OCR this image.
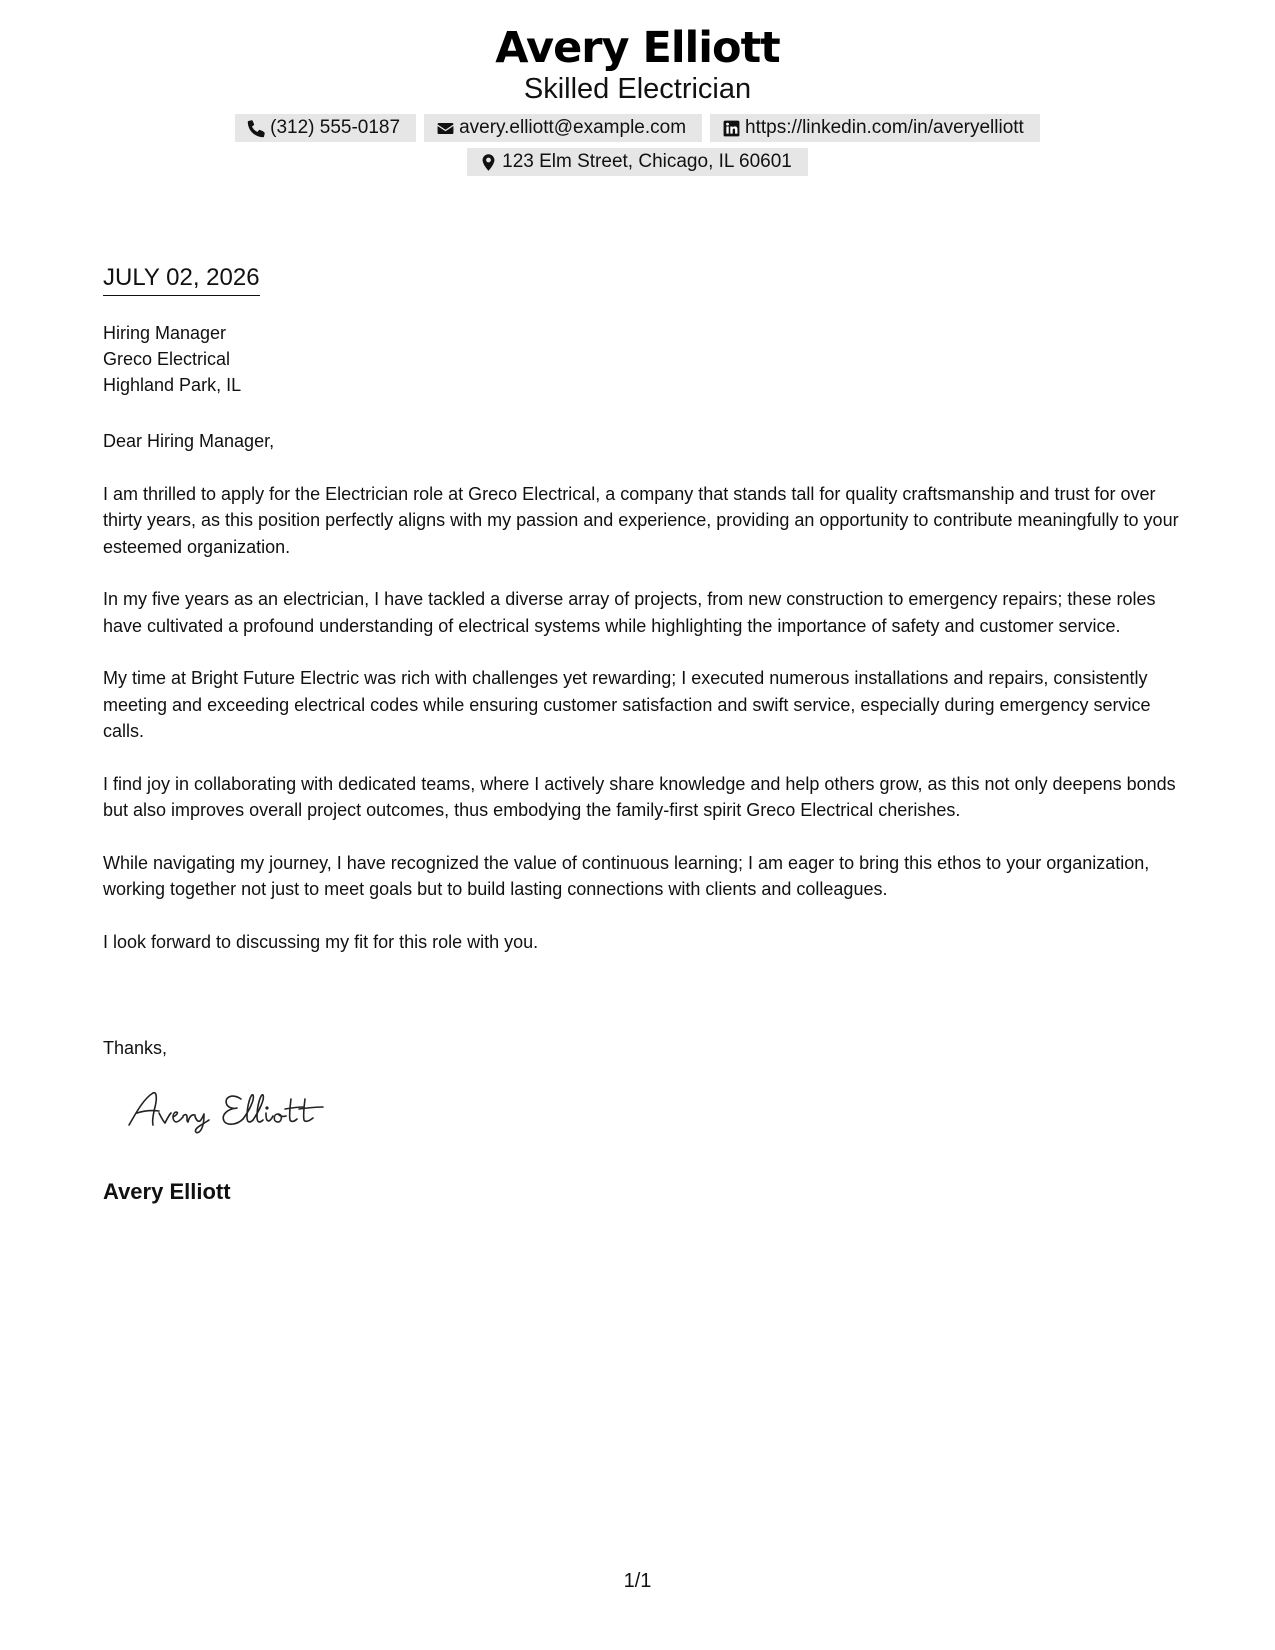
Avery Elliott
Skilled Electrician
(312) 555-0187	avery.elliott@example.com	https://linkedin.com/in/averyelliott
123 Elm Street, Chicago, IL 60601
JULY 02, 2026
Hiring Manager
Greco Electrical
Highland Park, IL

Dear Hiring Manager,

I am thrilled to apply for the Electrician role at Greco Electrical, a company that stands tall for quality craftsmanship and trust for over thirty years, as this position perfectly aligns with my passion and experience, providing an opportunity to contribute meaningfully to your esteemed organization.

In my five years as an electrician, I have tackled a diverse array of projects, from new construction to emergency repairs; these roles have cultivated a profound understanding of electrical systems while highlighting the importance of safety and customer service.

My time at Bright Future Electric was rich with challenges yet rewarding; I executed numerous installations and repairs, consistently meeting and exceeding electrical codes while ensuring customer satisfaction and swift service, especially during emergency service calls.

I find joy in collaborating with dedicated teams, where I actively share knowledge and help others grow, as this not only deepens bonds but also improves overall project outcomes, thus embodying the family-first spirit Greco Electrical cherishes.

While navigating my journey, I have recognized the value of continuous learning; I am eager to bring this ethos to your organization, working together not just to meet goals but to build lasting connections with clients and colleagues.

I look forward to discussing my fit for this role with you.

Thanks,
Avery Elliott
1/1
